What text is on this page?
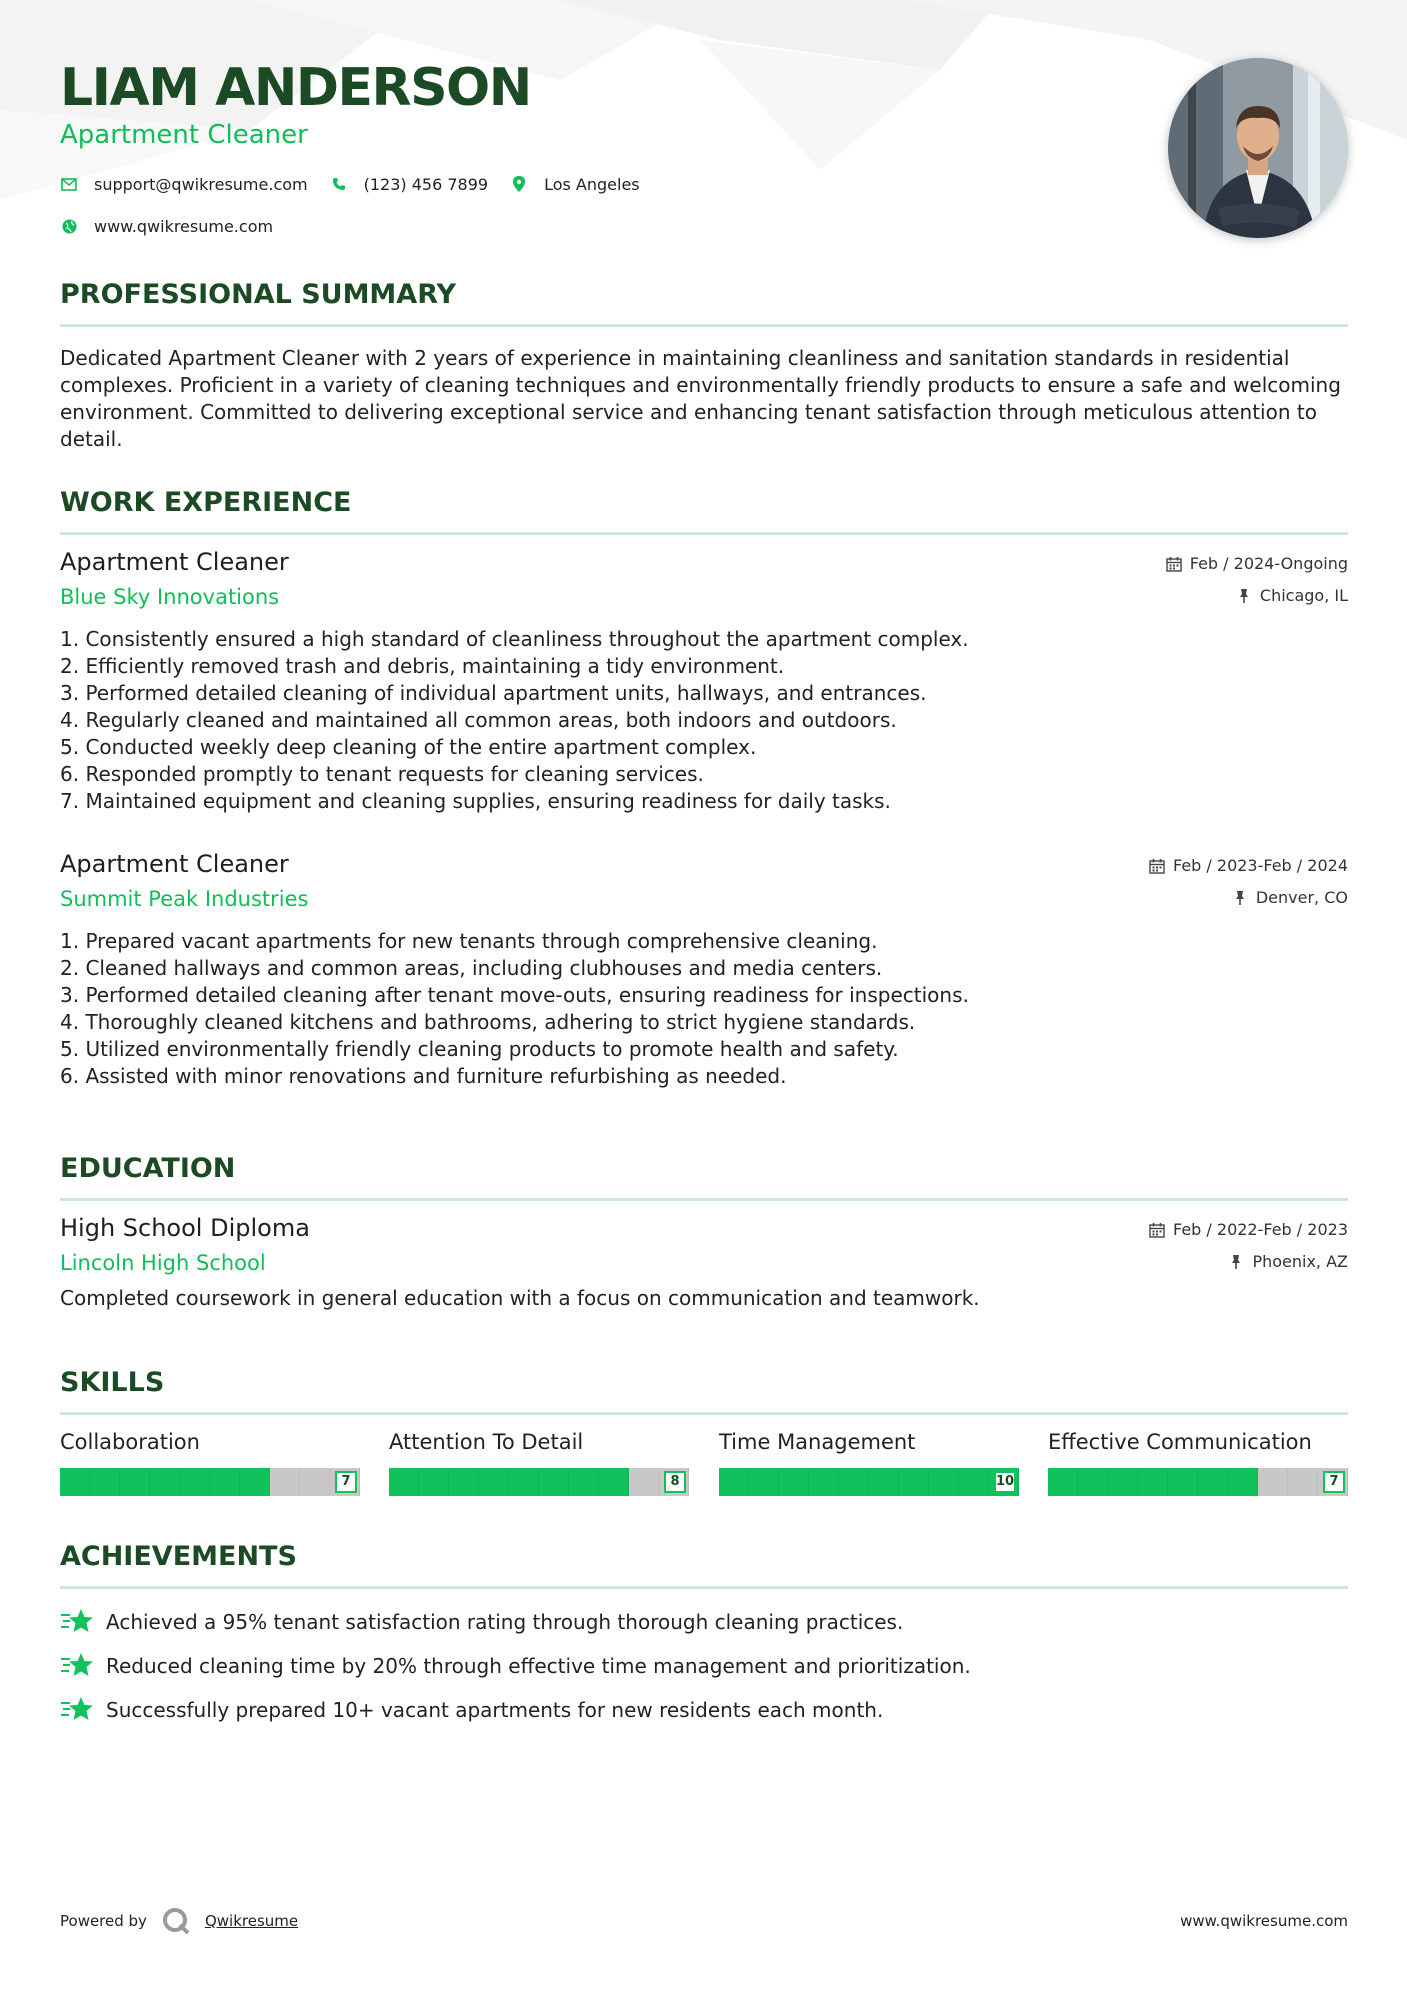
LIAM ANDERSON
Apartment Cleaner
support@qwikresume.com	(123) 456 7899	Los Angeles
www.qwikresume.com
PROFESSIONAL SUMMARY
Dedicated Apartment Cleaner with 2 years of experience in maintaining cleanliness and sanitation standards in residential complexes. Proficient in a variety of cleaning techniques and environmentally friendly products to ensure a safe and welcoming environment. Committed to delivering exceptional service and enhancing tenant satisfaction through meticulous attention to detail.
WORK EXPERIENCE
Apartment Cleaner
Blue Sky Innovations
Feb / 2024-Ongoing
Chicago, IL
1. Consistently ensured a high standard of cleanliness throughout the apartment complex.
2. Efficiently removed trash and debris, maintaining a tidy environment.
3. Performed detailed cleaning of individual apartment units, hallways, and entrances.
4. Regularly cleaned and maintained all common areas, both indoors and outdoors.
5. Conducted weekly deep cleaning of the entire apartment complex.
6. Responded promptly to tenant requests for cleaning services.
7. Maintained equipment and cleaning supplies, ensuring readiness for daily tasks.
Apartment Cleaner
Summit Peak Industries
Feb / 2023-Feb / 2024
Denver, CO
1. Prepared vacant apartments for new tenants through comprehensive cleaning.
2. Cleaned hallways and common areas, including clubhouses and media centers.
3. Performed detailed cleaning after tenant move-outs, ensuring readiness for inspections.
4. Thoroughly cleaned kitchens and bathrooms, adhering to strict hygiene standards.
5. Utilized environmentally friendly cleaning products to promote health and safety.
6. Assisted with minor renovations and furniture refurbishing as needed.
EDUCATION
High School Diploma
Lincoln High School
Feb / 2022-Feb / 2023
Phoenix, AZ
Completed coursework in general education with a focus on communication and teamwork.
SKILLS
Collaboration
7
Attention To Detail
8
Time Management
10
Effective Communication
7
ACHIEVEMENTS
Achieved a 95% tenant satisfaction rating through thorough cleaning practices.
Reduced cleaning time by 20% through effective time management and prioritization.
Successfully prepared 10+ vacant apartments for new residents each month.
Powered by	Qwikresume	www.qwikresume.com
